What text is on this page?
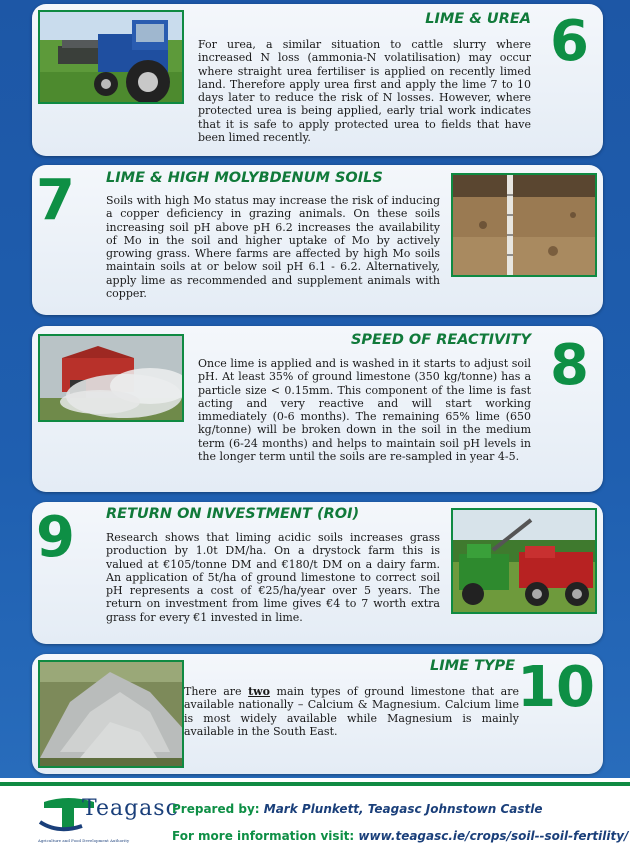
LIME & UREA 6

For urea, a similar situation to cattle slurry where increased N loss (ammonia-N volatilisation) may occur where straight urea fertiliser is applied on recently limed land. Therefore apply urea first and apply the lime 7 to 10 days later to reduce the risk of N losses. However, where protected urea is being applied, early trial work indicates that it is safe to apply protected urea to fields that have been limed recently.

7 LIME & HIGH MOLYBDENUM SOILS

Soils with high Mo status may increase the risk of inducing a copper deficiency in grazing animals. On these soils increasing soil pH above pH 6.2 increases the availability of Mo in the soil and higher uptake of Mo by actively growing grass. Where farms are affected by high Mo soils maintain soils at or below soil pH 6.1 - 6.2. Alternatively, apply lime as recommended and supplement animals with copper.

SPEED OF REACTIVITY 8

Once lime is applied and is washed in it starts to adjust soil pH. At least 35% of ground limestone (350 kg/tonne) has a particle size < 0.15mm. This component of the lime is fast acting and very reactive and will start working immediately (0-6 months). The remaining 65% lime (650 kg/tonne) will be broken down in the soil in the medium term (6-24 months) and helps to maintain soil pH levels in the longer term until the soils are re-sampled in year 4-5.

9 RETURN ON INVESTMENT (ROI)

Research shows that liming acidic soils increases grass production by 1.0t DM/ha. On a drystock farm this is valued at €105/tonne DM and €180/t DM on a dairy farm. An application of 5t/ha of ground limestone to correct soil pH represents a cost of €25/ha/year over 5 years. The return on investment from lime gives €4 to 7 worth extra grass for every €1 invested in lime.

LIME TYPE 10

There are two main types of ground limestone that are available nationally – Calcium & Magnesium. Calcium lime is most widely available while Magnesium is mainly available in the South East.

Teagasc
Agriculture and Food Development Authority
Prepared by: Mark Plunkett, Teagasc Johnstown Castle
For more information visit: www.teagasc.ie/crops/soil--soil-fertility/
